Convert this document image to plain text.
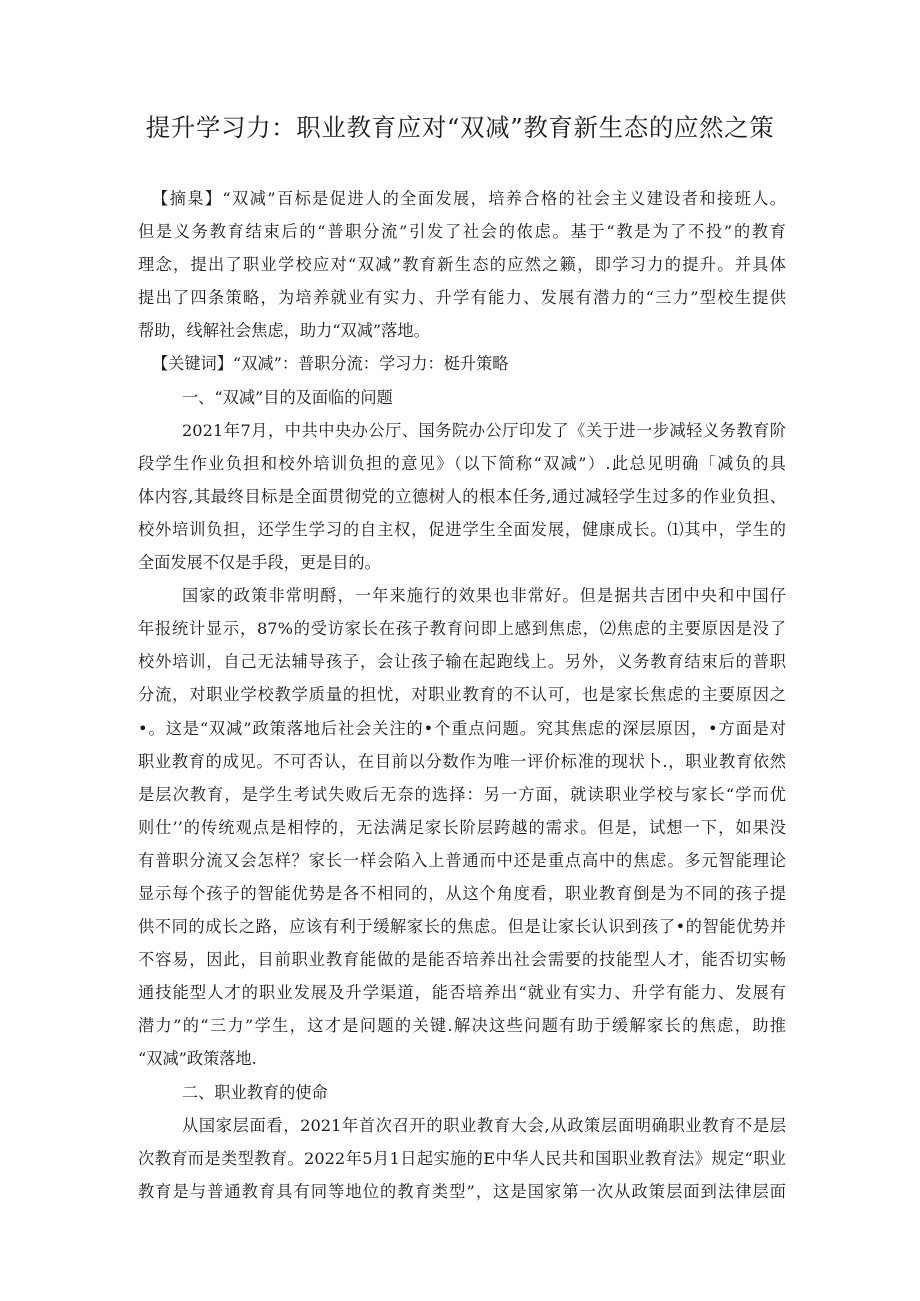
提升学习力：职业教育应对“双减”教育新生态的应然之策
【摘臬】“双减”百标是促进人的全面发展，培养合格的社会主义建设者和接班人。
但是义务教育结束后的“普职分流”引发了社会的侬虑。基于“教是为了不投”的教育
理念，提出了职业学校应对“双减”教育新生态的应然之籁，即学习力的提升。并具体
提出了四条策略，为培养就业有实力、升学有能力、发展有潜力的“三力”型校生提供
帮助，线解社会焦虑，助力“双减”落地。
【关键词】“双减”：普职分流：学习力：梃升策略
一、“双减”目的及面临的问题
2021年7月，中共中央办公厅、国务院办公厅印发了《关于进一步减轻义务教育阶
段学生作业负担和校外培训负担的意见》（以下简称“双减”）.此总见明确「减负的具
体内容,其最终目标是全面贯彻党的立德树人的根本任务,通过减轻学生过多的作业负担、
校外培训负担，还学生学习的自主权，促进学生全面发展，健康成长。⑴其中，学生的
全面发展不仅是手段，更是目的。
国家的政策非常明酹，一年来施行的效果也非常好。但是据共吉团中央和中国仔
年报统计显示，87%的受访家长在孩子教育问即上感到焦虑，⑵焦虑的主要原因是没了
校外培训，自己无法辅导孩子，会让孩子输在起跑线上。另外，义务教育结束后的普职
分流，对职业学校教学质量的担忧，对职业教育的不认可，也是家长焦虑的主要原因之
•。这是“双减”政策落地后社会关注的•个重点问题。究其焦虑的深层原因，•方面是对
职业教育的成见。不可否认，在目前以分数作为唯一评价标准的现状卜.，职业教育依然
是层次教育，是学生考试失败后无奈的选择：另一方面，就读职业学校与家长“学而优
则仕’’的传统观点是相悖的，无法满足家长阶层跨越的需求。但是，试想一下，如果没
有普职分流又会怎样？家长一样会陷入上普通而中还是重点高中的焦虑。多元智能理论
显示每个孩子的智能优势是各不相同的，从这个角度看，职业教育倒是为不同的孩子提
供不同的成长之路，应该有利于缓解家长的焦虑。但是让家长认识到孩了•的智能优势并
不容易，因此，目前职业教育能做的是能否培养出社会需要的技能型人才，能否切实畅
通技能型人才的职业发展及升学渠道，能否培养出“就业有实力、升学有能力、发展有
潜力”的“三力”学生，这才是问题的关键.解决这些问题有助于缓解家长的焦虑，助推
“双减”政策落地.
二、职业教育的使命
从国家层面看，2021年首次召开的职业教育大会,从政策层面明确职业教育不是层
次教育而是类型教育。2022年5月1日起实施的E中华人民共和国职业教育法》规定“职业
教育是与普通教育具有同等地位的教育类型”，这是国家第一次从政策层面到法律层面
